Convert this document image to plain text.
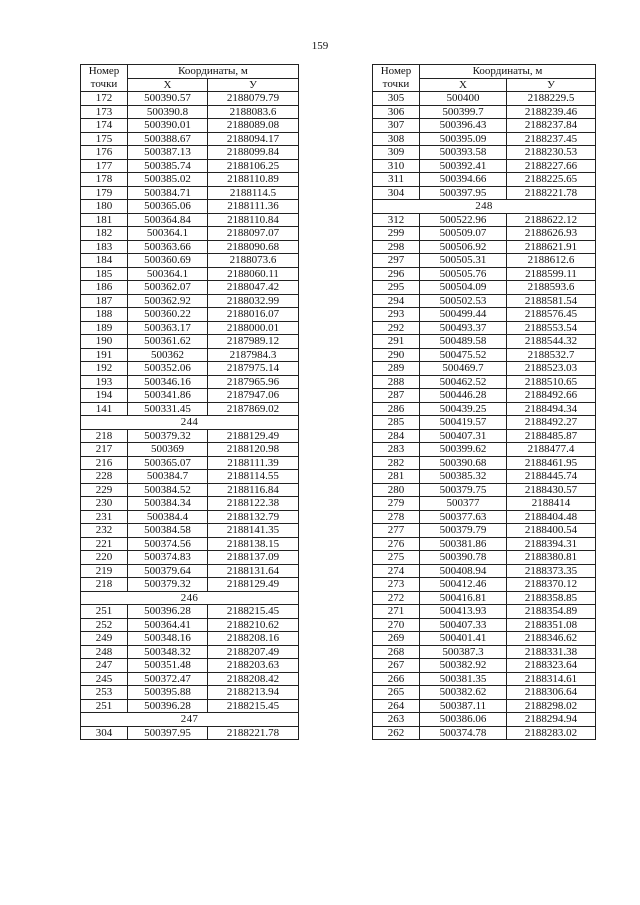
159
Номер	Координаты, м	
точки	X	У
172	500390.57	2188079.79
173	500390.8	2188083.6
174	500390.01	2188089.08
175	500388.67	2188094.17
176	500387.13	2188099.84
177	500385.74	2188106.25
178	500385.02	2188110.89
179	500384.71	2188114.5
180	500365.06	2188111.36
181	500364.84	2188110.84
182	500364.1	2188097.07
183	500363.66	2188090.68
184	500360.69	2188073.6
185	500364.1	2188060.11
186	500362.07	2188047.42
187	500362.92	2188032.99
188	500360.22	2188016.07
189	500363.17	2188000.01
190	500361.62	2187989.12
191	500362	2187984.3
192	500352.06	2187975.14
193	500346.16	2187965.96
194	500341.86	2187947.06
141	500331.45	2187869.02
244		
218	500379.32	2188129.49
217	500369	2188120.98
216	500365.07	2188111.39
228	500384.7	2188114.55
229	500384.52	2188116.84
230	500384.34	2188122.38
231	500384.4	2188132.79
232	500384.58	2188141.35
221	500374.56	2188138.15
220	500374.83	2188137.09
219	500379.64	2188131.64
218	500379.32	2188129.49
246		
251	500396.28	2188215.45
252	500364.41	2188210.62
249	500348.16	2188208.16
248	500348.32	2188207.49
247	500351.48	2188203.63
245	500372.47	2188208.42
253	500395.88	2188213.94
251	500396.28	2188215.45
247		
304	500397.95	2188221.78
Номер	Координаты, м	
точки	X	У
305	500400	2188229.5
306	500399.7	2188239.46
307	500396.43	2188237.84
308	500395.09	2188237.45
309	500393.58	2188230.53
310	500392.41	2188227.66
311	500394.66	2188225.65
304	500397.95	2188221.78
248		
312	500522.96	2188622.12
299	500509.07	2188626.93
298	500506.92	2188621.91
297	500505.31	2188612.6
296	500505.76	2188599.11
295	500504.09	2188593.6
294	500502.53	2188581.54
293	500499.44	2188576.45
292	500493.37	2188553.54
291	500489.58	2188544.32
290	500475.52	2188532.7
289	500469.7	2188523.03
288	500462.52	2188510.65
287	500446.28	2188492.66
286	500439.25	2188494.34
285	500419.57	2188492.27
284	500407.31	2188485.87
283	500399.62	2188477.4
282	500390.68	2188461.95
281	500385.32	2188445.74
280	500379.75	2188430.57
279	500377	2188414
278	500377.63	2188404.48
277	500379.79	2188400.54
276	500381.86	2188394.31
275	500390.78	2188380.81
274	500408.94	2188373.35
273	500412.46	2188370.12
272	500416.81	2188358.85
271	500413.93	2188354.89
270	500407.33	2188351.08
269	500401.41	2188346.62
268	500387.3	2188331.38
267	500382.92	2188323.64
266	500381.35	2188314.61
265	500382.62	2188306.64
264	500387.11	2188298.02
263	500386.06	2188294.94
262	500374.78	2188283.02
